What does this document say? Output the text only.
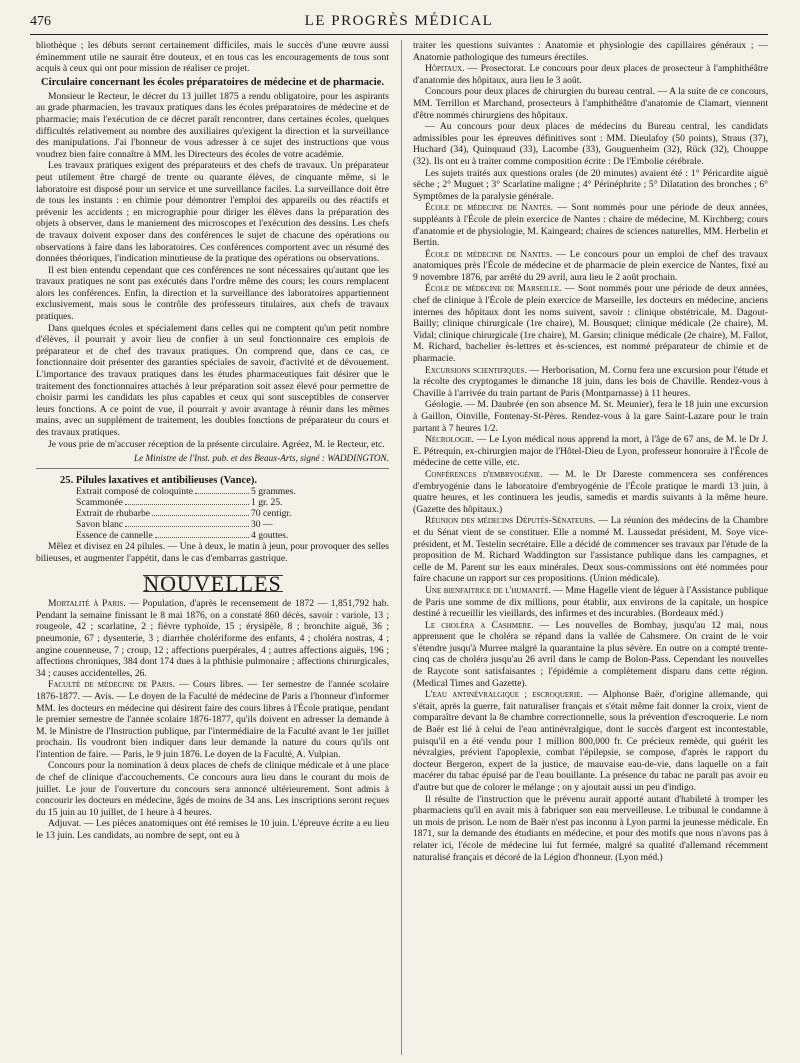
476	LE PROGRÈS MÉDICAL

bliothèque ; les débuts seront certainement difficiles, mais le succès d'une œuvre aussi éminemment utile ne saurait être douteux, et en tous cas les encouragements de tous sont acquis à ceux qui ont pour mission de réaliser ce projet.

Circulaire concernant les écoles préparatoires de médecine et de pharmacie.

Monsieur le Recteur, le décret du 13 juillet 1875 a rendu obligatoire, pour les aspirants au grade pharmacien, les travaux pratiques dans les écoles préparatoires de médecine et de pharmacie; mais l'exécution de ce décret paraît rencontrer, dans certaines écoles, quelques difficultés relativement au nombre des auxiliaires qu'exigent la direction et la surveillance des manipulations. J'ai l'honneur de vous adresser à ce sujet des instructions que vous voudrez bien faire connaître à MM. les Directeurs des écoles de votre académie.

Les travaux pratiques exigent des préparateurs et des chefs de travaux. Un préparateur peut utilement être chargé de trente ou quarante élèves, de cinquante même, si le laboratoire est disposé pour un service et une surveillance faciles. La surveillance doit être de tous les instants : en chimie pour démontrer l'emploi des appareils ou des réactifs et prévenir les accidents ; en micrographie pour diriger les élèves dans la préparation des objets à observer, dans le maniement des microscopes et l'exécution des dessins. Les chefs de travaux doivent exposer dans des conférences le sujet de chacune des opérations ou observations à faire dans les laboratoires. Ces conférences comportent avec un résumé des données théoriques, l'indication minutieuse de la pratique des opérations ou observations.

Il est bien entendu cependant que ces conférences ne sont nécessaires qu'autant que les travaux pratiques ne sont pas exécutés dans l'ordre même des cours; les cours remplacent alors les conférences. Enfin, la direction et la surveillance des laboratoires appartiennent exclusivement, mais sous le contrôle des professeurs titulaires, aux chefs de travaux pratiques.

Dans quelques écoles et spécialement dans celles qui ne comptent qu'un petit nombre d'élèves, il pourrait y avoir lieu de confier à un seul fonctionnaire ces emplois de préparateur et de chef des travaux pratiques. On comprend que, dans ce cas, ce fonctionnaire doit présenter des garanties spéciales de savoir, d'activité et de dévouement. L'importance des travaux pratiques dans les études pharmaceutiques fait désirer que le traitement des fonctionnaires attachés à leur préparation soit assez élevé pour permettre de choisir parmi les candidats les plus capables et ceux qui sont susceptibles de conserver leurs fonctions. A ce point de vue, il pourrait y avoir avantage à réunir dans les mêmes mains, avec un supplément de traitement, les doubles fonctions de préparateur du cours et des travaux pratiques.

Je vous prie de m'accuser réception de la présente circulaire. Agréez, M. le Recteur, etc.

Le Ministre de l'Inst. pub. et des Beaux-Arts, signé : WADDINGTON.

25. Pilules laxatives et antibilieuses (Vance).

Extrait composé de coloquinte	5 grammes.
Scammonée	1 gr. 25.
Extrait de rhubarbe	70 centigr.
Savon blanc	30 —
Essence de cannelle	4 gouttes.

Mêlez et divisez en 24 pilules. — Une à deux, le matin à jeun, pour provoquer des selles bilieuses, et augmenter l'appétit, dans le cas d'embarras gastrique.

NOUVELLES

Mortalité à Paris. — Population, d'après le recensement de 1872 — 1,851,792 hab. Pendant la semaine finissant le 8 mai 1876, on a constaté 860 décès, savoir : variole, 13 ; rougeole, 42 ; scarlatine, 2 ; fièvre typhoïde, 15 ; érysipèle, 8 ; bronchite aiguë, 36 ; pneumonie, 67 ; dysenterie, 3 ; diarrhée cholériforme des enfants, 4 ; choléra nostras, 4 ; angine couenneuse, 7 ; croup, 12 ; affections puerpérales, 4 ; autres affections aiguës, 196 ; affections chroniques, 384 dont 174 dues à la phthisie pulmonaire ; affections chirurgicales, 34 ; causes accidentelles, 26.

Faculté de médecine de Paris. — Cours libres. — 1er semestre de l'année scolaire 1876-1877. — Avis. — Le doyen de la Faculté de médecine de Paris a l'honneur d'informer MM. les docteurs en médecine qui désirent faire des cours libres à l'École pratique, pendant le premier semestre de l'année scolaire 1876-1877, qu'ils doivent en adresser la demande à M. le Ministre de l'Instruction publique, par l'intermédiaire de la Faculté avant le 1er juillet prochain. Ils voudront bien indiquer dans leur demande la nature du cours qu'ils ont l'intention de faire. — Paris, le 9 juin 1876. Le doyen de la Faculté, A. Vulpian.

Concours pour la nomination à deux places de chefs de clinique médicale et à une place de chef de clinique d'accouchements. Ce concours aura lieu dans le courant du mois de juillet. Le jour de l'ouverture du concours sera annoncé ultérieurement. Sont admis à concourir les docteurs en médecine, âgés de moins de 34 ans. Les inscriptions seront reçues du 15 juin au 10 juillet, de 1 heure à 4 heures.

Adjuvat. — Les pièces anatomiques ont été remises le 10 juin. L'épreuve écrite a eu lieu le 13 juin. Les candidats, au nombre de sept, ont eu à

traiter les questions suivantes : Anatomie et physiologie des capillaires généraux ; — Anatomie pathologique des tumeurs érectiles.

Hôpitaux. — Prosectorat. Le concours pour deux places de prosecteur à l'amphithéâtre d'anatomie des hôpitaux, aura lieu le 3 août.

Concours pour deux places de chirurgien du bureau central. — A la suite de ce concours, MM. Terrillon et Marchand, prosecteurs à l'amphithéâtre d'anatomie de Clamart, viennent d'être nommés chirurgiens des hôpitaux.

— Au concours pour deux places de médecins du Bureau central, les candidats admissibles pour les épreuves définitives sont : MM. Dieulafoy (50 points), Straus (37), Huchard (34), Quinquaud (33), Lacombe (33), Gouguenheim (32), Rück (32), Chouppe (32). Ils ont eu à traiter comme composition écrite : De l'Embolie cérébrale.

Les sujets traités aux questions orales (de 20 minutes) avaient été : 1° Péricardite aiguë sèche ; 2° Muguet ; 3° Scarlatine maligne ; 4° Périnéphrite ; 5° Dilatation des bronches ; 6° Symptômes de la paralysie générale.

École de médecine de Nantes. — Sont nommés pour une période de deux années, suppléants à l'École de plein exercice de Nantes : chaire de médecine, M. Kirchberg; cours d'anatomie et de physiologie, M. Kaingeard; chaires de sciences naturelles, MM. Herbelin et Bertin.

École de médecine de Nantes. — Le concours pour un emploi de chef des travaux anatomiques près l'École de médecine et de pharmacie de plein exercice de Nantes, fixé au 9 novembre 1876, par arrêté du 29 avril, aura lieu le 2 août prochain.

École de médecine de Marseille. — Sont nommés pour une période de deux années, chef de clinique à l'École de plein exercice de Marseille, les docteurs en médecine, anciens internes des hôpitaux dont les noms suivent, savoir : clinique obstétricale, M. Dagout-Bailly; clinique chirurgicale (1re chaire), M. Bousquet; clinique médicale (2e chaire), M. Vidal; clinique chirurgicale (1re chaire), M. Garsin; clinique médicale (2e chaire), M. Fallot, M. Richard, bachelier ès-lettres et ès-sciences, est nommé préparateur de chimie et de pharmacie.

Excursions scientifiques. — Herborisation, M. Cornu fera une excursion pour l'étude et la récolte des cryptogames le dimanche 18 juin, dans les bois de Chaville. Rendez-vous à Chaville à l'arrivée du train partant de Paris (Montparnasse) à 11 heures.

Géologie. — M. Daubrée (en son absence M. St. Meunier), fera le 18 juin une excursion à Gaillon, Oinville, Fontenay-St-Pères. Rendez-vous à la gare Saint-Lazare pour le train partant à 7 heures 1/2.

Nécrologie. — Le Lyon médical nous apprend la mort, à l'âge de 67 ans, de M. le Dr J. E. Pétrequin, ex-chirurgien major de l'Hôtel-Dieu de Lyon, professeur honoraire à l'École de médecine de cette ville, etc.

Conférences d'embryogénie. — M. le Dr Dareste commencera ses conférences d'embryogénie dans le laboratoire d'embryogénie de l'École pratique le mardi 13 juin, à quatre heures, et les continuera les jeudis, samedis et mardis suivants à la même heure. (Gazette des hôpitaux.)

Réunion des médecins Députés-Sénateurs. — La réunion des médecins de la Chambre et du Sénat vient de se constituer. Elle a nommé M. Laussedat président, M. Soye vice-président, et M. Testelin secrétaire. Elle a décidé de commencer ses travaux par l'étude de la proposition de M. Richard Waddington sur l'assistance publique dans les campagnes, et celle de M. Parent sur les eaux minérales. Deux sous-commissions ont été nommées pour faire chacune un rapport sur ces propositions. (Union médicale).

Une bienfaitrice de l'humanité. — Mme Hagelle vient de léguer à l'Assistance publique de Paris une somme de dix millions, pour établir, aux environs de la capitale, un hospice destiné à recueillir les vieillards, des infirmes et des incurables. (Bordeaux méd.)

Le choléra a Cashmere. — Les nouvelles de Bombay, jusqu'au 12 mai, nous apprennent que le choléra se répand dans la vallée de Cahsmere. On craint de le voir s'étendre jusqu'à Murree malgré la quarantaine la plus sévère. En outre on a compté trente-cinq cas de choléra jusqu'au 26 avril dans le camp de Bolon-Pass. Cependant les nouvelles de Raycote sont satisfaisantes ; l'épidémie a complètement disparu dans cette région. (Medical Times and Gazette).

L'eau antinévralgique ; escroquerie. — Alphonse Baër, d'origine allemande, qui s'était, après la guerre, fait naturaliser français et s'était même fait donner la croix, vient de comparaître devant la 8e chambre correctionnelle, sous la prévention d'escroquerie. Le nom de Baër est lié à celui de l'eau antinévralgique, dont le succès d'argent est incontestable, puisqu'il en a été vendu pour 1 million 800,000 fr. Ce précieux remède, qui guérit les névralgies, prévient l'apoplexie, combat l'épilepsie, se compose, d'après le rapport du docteur Bergeron, expert de la justice, de mauvaise eau-de-vie, dans laquelle on a fait macérer du tabac épuisé par de l'eau bouillante. La présence du tabac ne paraît pas avoir eu d'autre but que de colorer le mélange ; on y ajoutait aussi un peu d'indigo.

Il résulte de l'instruction que le prévenu aurait apporté autant d'habileté à tromper les pharmaciens qu'il en avait mis à fabriquer son eau merveilleuse. Le tribunal le condamne à un mois de prison. Le nom de Baër n'est pas inconnu à Lyon parmi la jeunesse médicale. En 1871, sur la demande des étudiants en médecine, et pour des motifs que nous n'avons pas à relater ici, l'école de médecine lui fut fermée, malgré sa qualité d'allemand récemment naturalisé français et décoré de la Légion d'honneur. (Lyon méd.)
